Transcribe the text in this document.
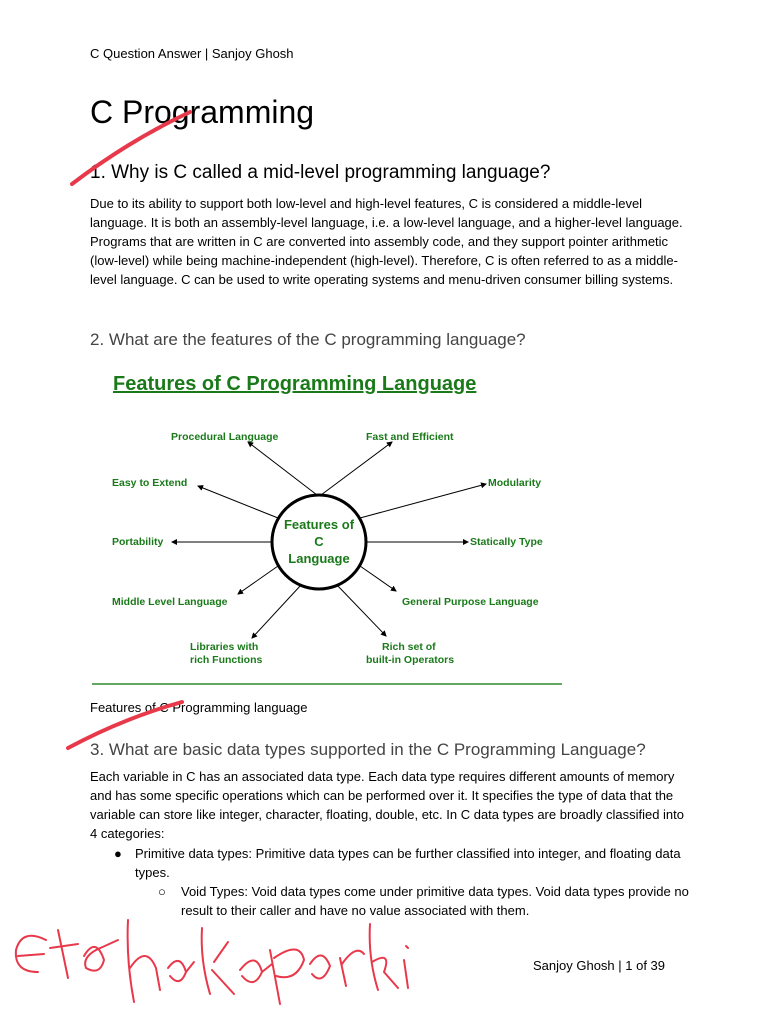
C Question Answer | Sanjoy Ghosh
C Programming
1. Why is C called a mid-level programming language?
Due to its ability to support both low-level and high-level features, C is considered a middle-level language. It is both an assembly-level language, i.e. a low-level language, and a higher-level language. Programs that are written in C are converted into assembly code, and they support pointer arithmetic (low-level) while being machine-independent (high-level). Therefore, C is often referred to as a middle-level language. C can be used to write operating systems and menu-driven consumer billing systems.
2. What are the features of the C programming language?
Features of C Programming Language
Features of
C
Language
Procedural Language	Fast and Efficient
Easy to Extend	Modularity
Portability	Statically Type
Middle Level Language	General Purpose Language
Libraries with
rich Functions
Rich set of
built-in Operators
Features of C Programming language
3. What are basic data types supported in the C Programming Language?
Each variable in C has an associated data type. Each data type requires different amounts of memory and has some specific operations which can be performed over it. It specifies the type of data that the variable can store like integer, character, floating, double, etc. In C data types are broadly classified into 4 categories:
● Primitive data types: Primitive data types can be further classified into integer, and floating data types.
○ Void Types: Void data types come under primitive data types. Void data types provide no result to their caller and have no value associated with them.
Sanjoy Ghosh | 1 of 39
